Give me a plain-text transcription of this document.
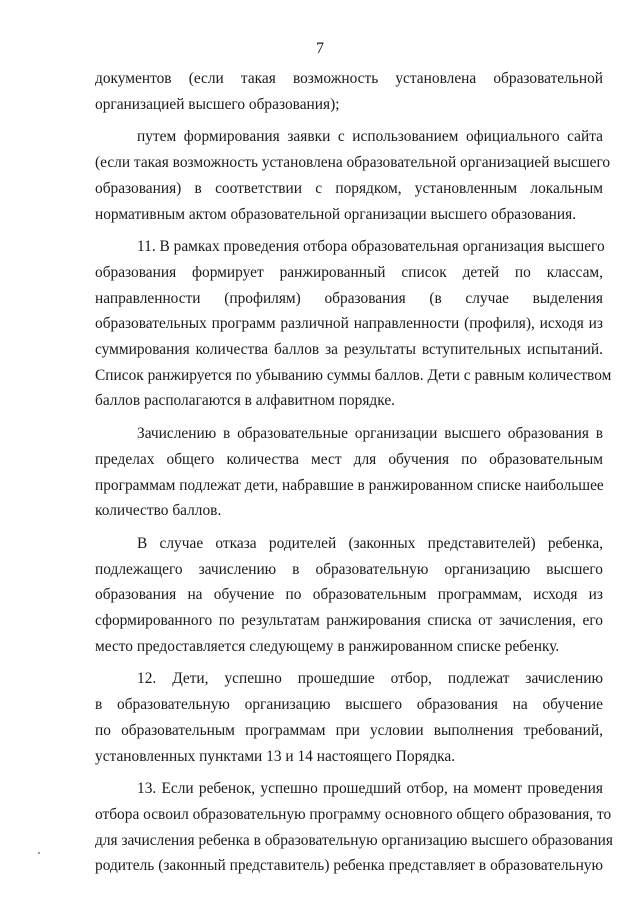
7
документов (если такая возможность установлена образовательной
организацией высшего образования);
путем формирования заявки с использованием официального сайта
(если такая возможность установлена образовательной организацией высшего
образования) в соответствии с порядком, установленным локальным
нормативным актом образовательной организации высшего образования.
11. В рамках проведения отбора образовательная организация высшего
образования формирует ранжированный список детей по классам,
направленности (профилям) образования (в случае выделения
образовательных программ различной направленности (профиля), исходя из
суммирования количества баллов за результаты вступительных испытаний.
Список ранжируется по убыванию суммы баллов. Дети с равным количеством
баллов располагаются в алфавитном порядке.
Зачислению в образовательные организации высшего образования в
пределах общего количества мест для обучения по образовательным
программам подлежат дети, набравшие в ранжированном списке наибольшее
количество баллов.
В случае отказа родителей (законных представителей) ребенка,
подлежащего зачислению в образовательную организацию высшего
образования на обучение по образовательным программам, исходя из
сформированного по результатам ранжирования списка от зачисления, его
место предоставляется следующему в ранжированном списке ребенку.
12. Дети, успешно прошедшие отбор, подлежат зачислению
в образовательную организацию высшего образования на обучение
по образовательным программам при условии выполнения требований,
установленных пунктами 13 и 14 настоящего Порядка.
13. Если ребенок, успешно прошедший отбор, на момент проведения
отбора освоил образовательную программу основного общего образования, то
для зачисления ребенка в образовательную организацию высшего образования
родитель (законный представитель) ребенка представляет в образовательную
